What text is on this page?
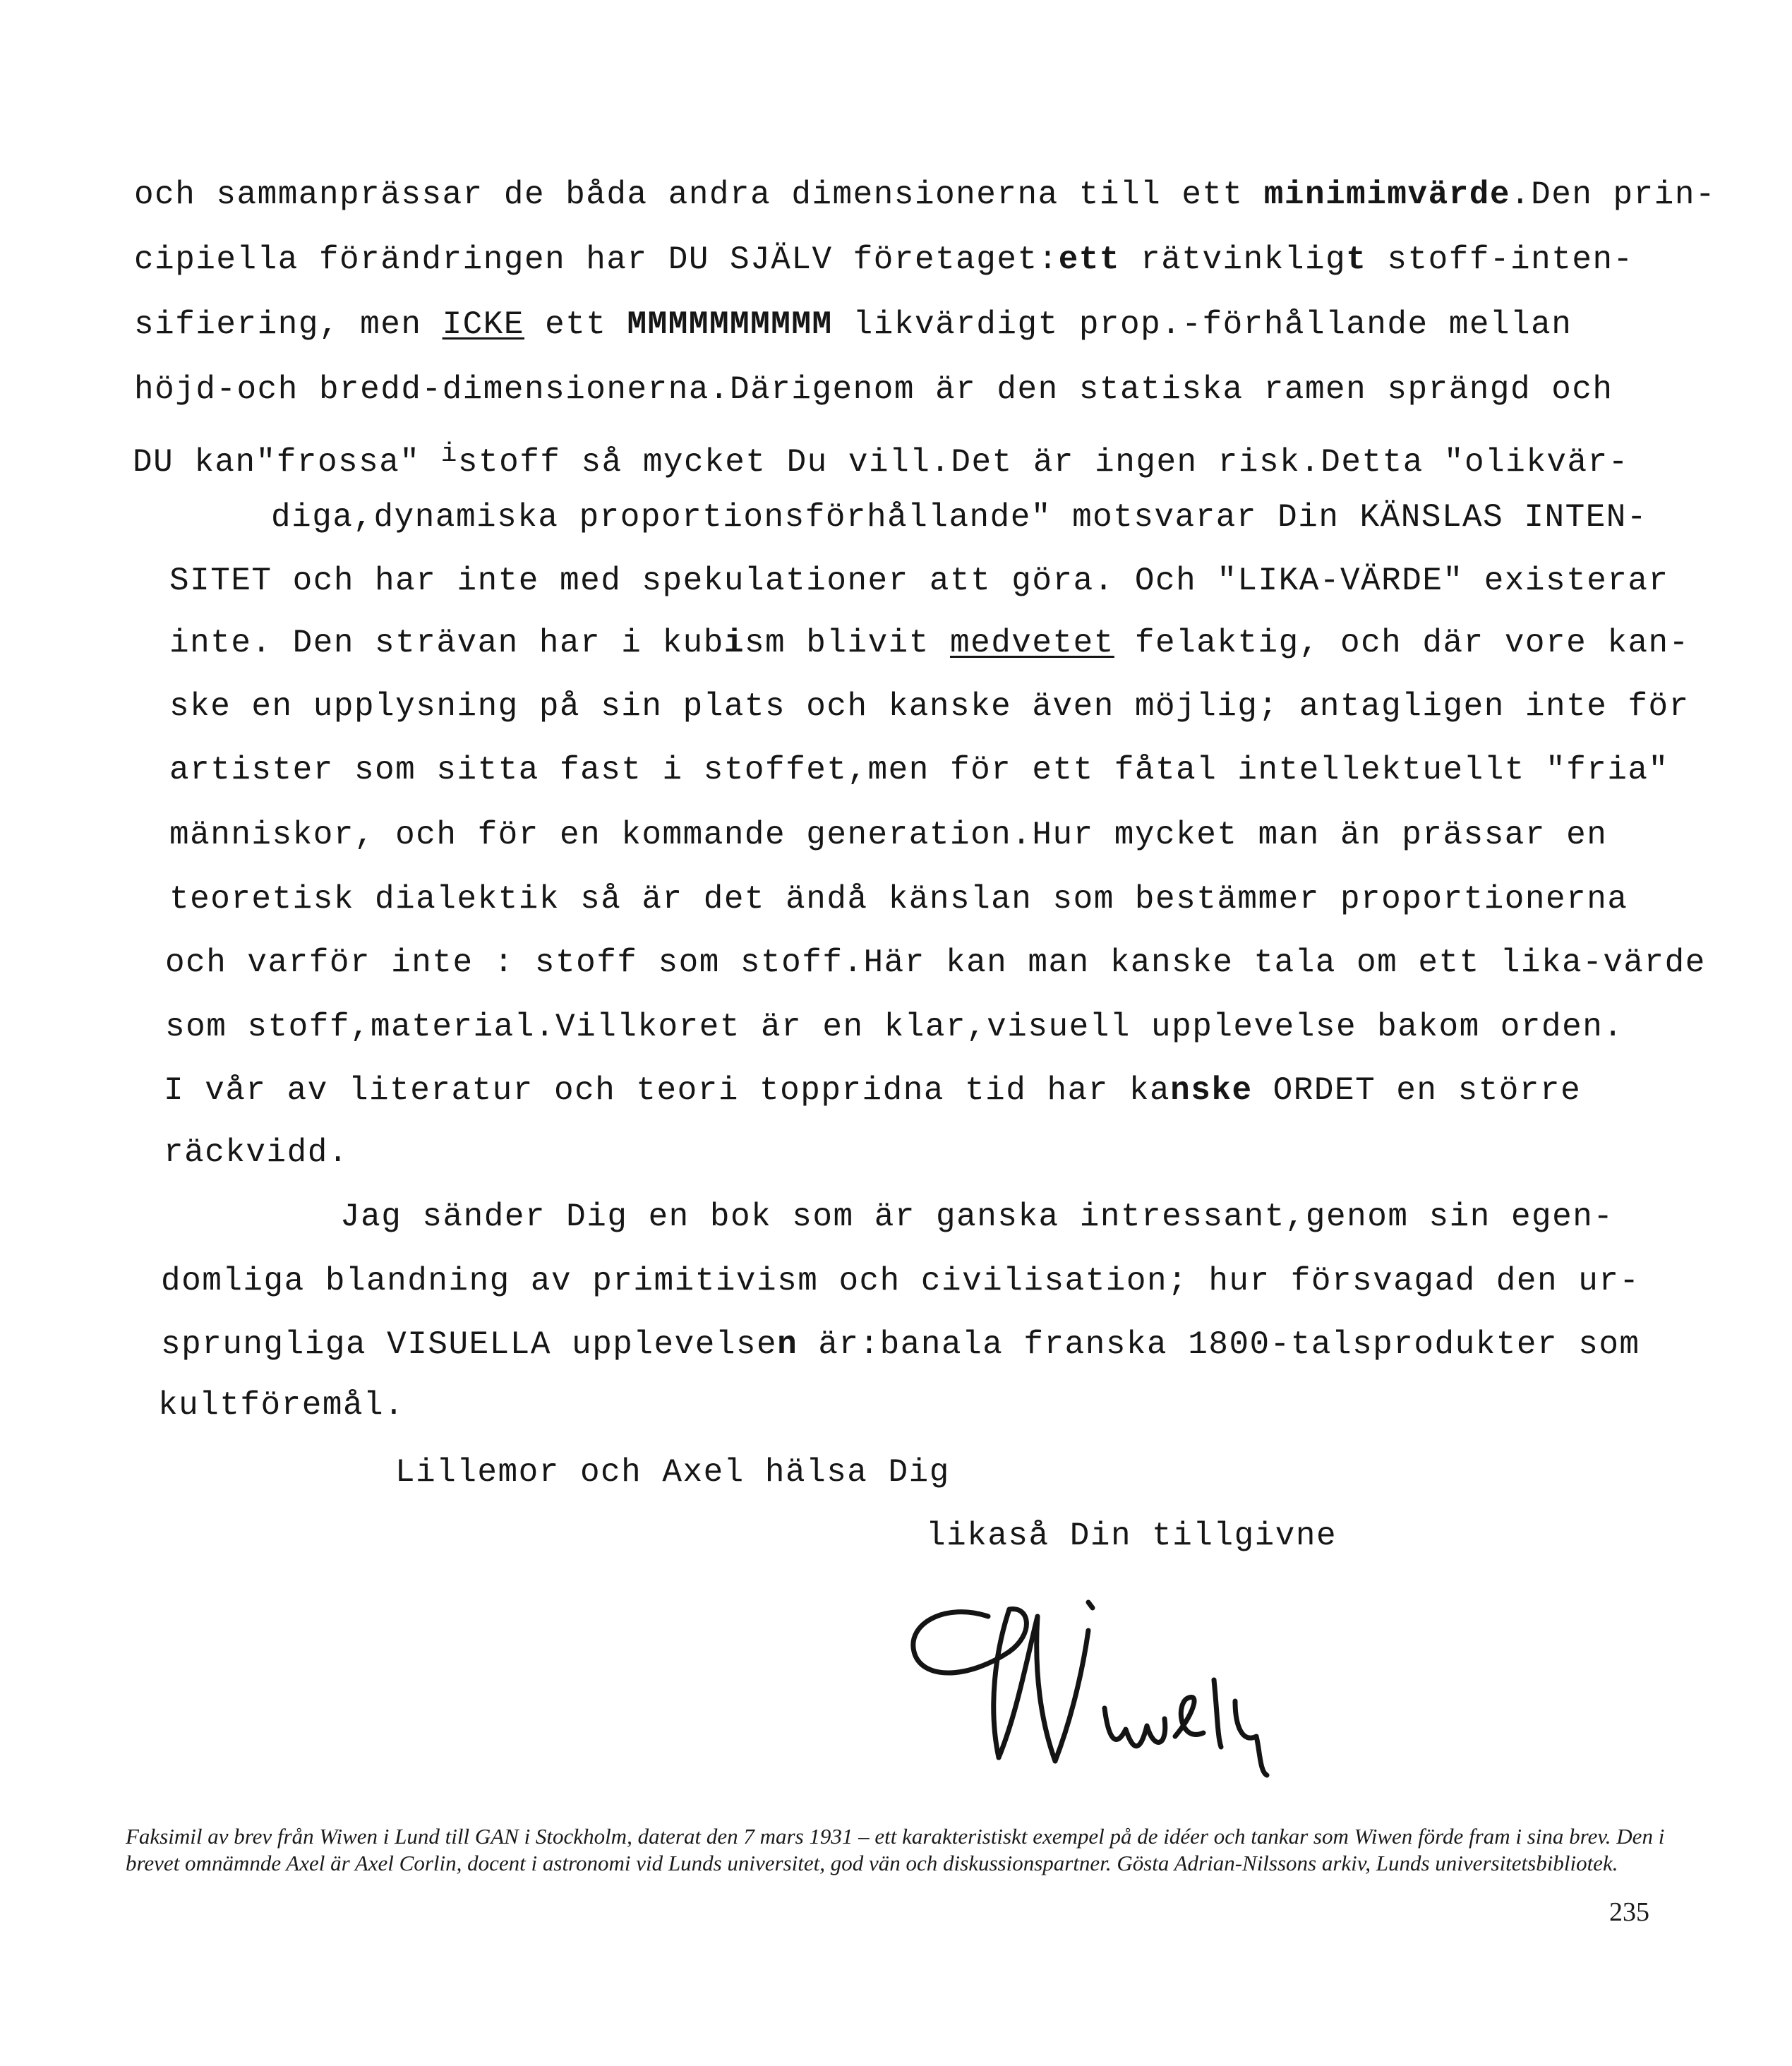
och sammanprässar de båda andra dimensionerna till ett minimimvärde.Den prin-
cipiella förändringen har DU SJÄLV företaget:ett rätvinkligt stoff-inten-
sifiering, men ICKE ett MMMMMMMMMM likvärdigt prop.-förhållande mellan
höjd-och bredd-dimensionerna.Därigenom är den statiska ramen sprängd och
DU kan"frossa" $^i$stoff så mycket Du vill.Det är ingen risk.Detta "olikvär-
diga,dynamiska proportionsförhållande" motsvarar Din KÄNSLAS INTEN-
SITET och har inte med spekulationer att göra. Och "LIKA-VÄRDE" existerar
inte. Den strävan har i kubism blivit medvetet felaktig, och där vore kan-
ske en upplysning på sin plats och kanske även möjlig; antagligen inte för
artister som sitta fast i stoffet,men för ett fåtal intellektuellt "fria"
människor, och för en kommande generation.Hur mycket man än prässar en
teoretisk dialektik så är det ändå känslan som bestämmer proportionerna
och varför inte : stoff som stoff.Här kan man kanske tala om ett lika-värde
som stoff,material.Villkoret är en klar,visuell upplevelse bakom orden.
I vår av literatur och teori toppridna tid har kanske ORDET en större
räckvidd.
Jag sänder Dig en bok som är ganska intressant,genom sin egen-
domliga blandning av primitivism och civilisation; hur försvagad den ur-
sprungliga VISUELLA upplevelsen är:banala franska 1800-talsprodukter som
kultföremål.
Lillemor och Axel hälsa Dig
likaså Din tillgivne

Faksimil av brev från Wiwen i Lund till GAN i Stockholm, daterat den 7 mars 1931 – ett karakteristiskt exempel på de idéer och tankar som Wiwen förde fram i sina brev. Den i brevet omnämnde Axel är Axel Corlin, docent i astronomi vid Lunds universitet, god vän och diskussionspartner. Gösta Adrian-Nilssons arkiv, Lunds universitetsbibliotek.

235
